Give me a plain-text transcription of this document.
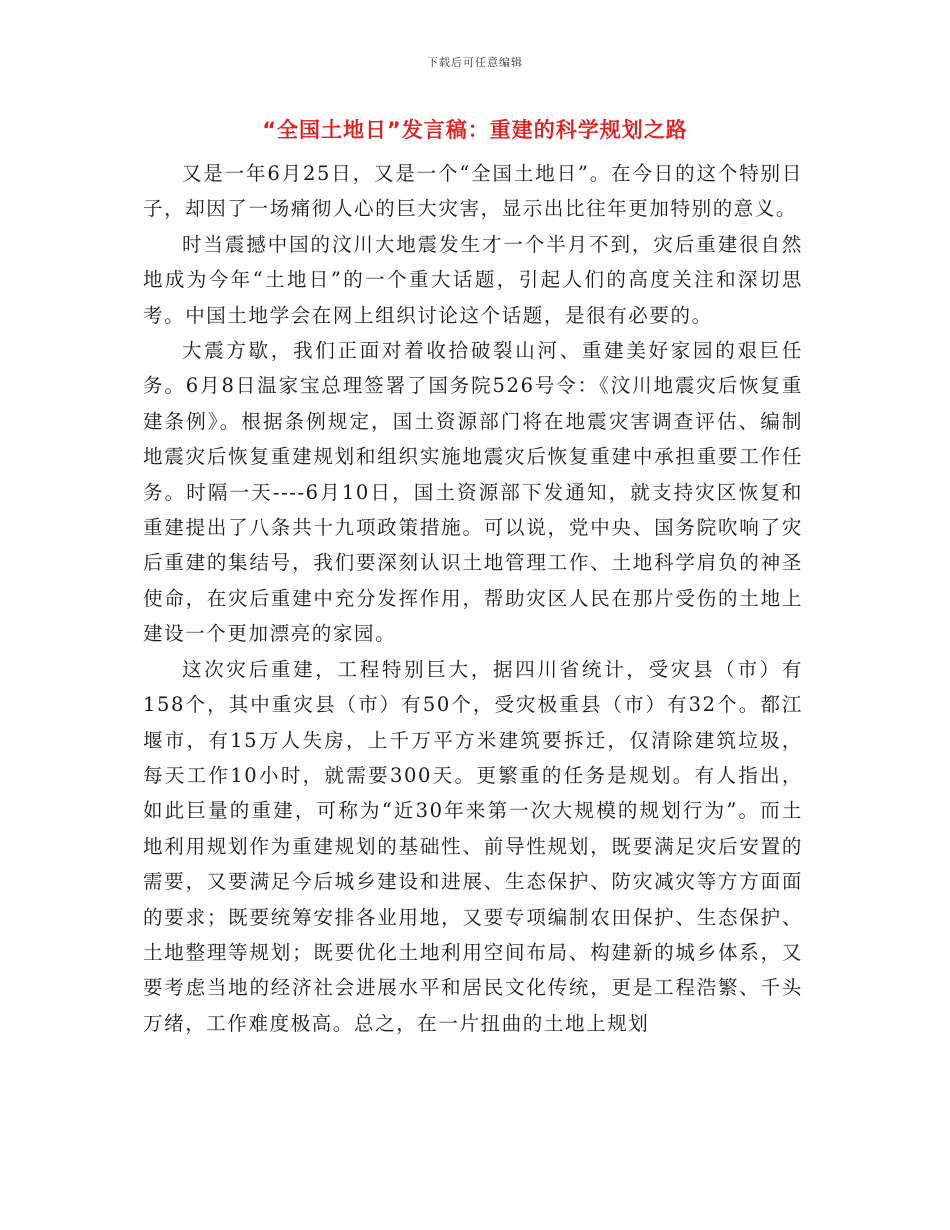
下载后可任意编辑
“全国土地日”发言稿：重建的科学规划之路

又是一年6月25日，又是一个“全国土地日”。在今日的这个特别日子，却因了一场痛彻人心的巨大灾害，显示出比往年更加特别的意义。

时当震撼中国的汶川大地震发生才一个半月不到，灾后重建很自然地成为今年“土地日”的一个重大话题，引起人们的高度关注和深切思考。中国土地学会在网上组织讨论这个话题，是很有必要的。

大震方歇，我们正面对着收拾破裂山河、重建美好家园的艰巨任务。6月8日温家宝总理签署了国务院526号令：《汶川地震灾后恢复重建条例》。根据条例规定，国土资源部门将在地震灾害调查评估、编制地震灾后恢复重建规划和组织实施地震灾后恢复重建中承担重要工作任务。时隔一天----6月10日，国土资源部下发通知，就支持灾区恢复和重建提出了八条共十九项政策措施。可以说，党中央、国务院吹响了灾后重建的集结号，我们要深刻认识土地管理工作、土地科学肩负的神圣使命，在灾后重建中充分发挥作用，帮助灾区人民在那片受伤的土地上建设一个更加漂亮的家园。

这次灾后重建，工程特别巨大，据四川省统计，受灾县（市）有158个，其中重灾县（市）有50个，受灾极重县（市）有32个。都江堰市，有15万人失房，上千万平方米建筑要拆迁，仅清除建筑垃圾，每天工作10小时，就需要300天。更繁重的任务是规划。有人指出，如此巨量的重建，可称为“近30年来第一次大规模的规划行为”。而土地利用规划作为重建规划的基础性、前导性规划，既要满足灾后安置的需要，又要满足今后城乡建设和进展、生态保护、防灾减灾等方方面面的要求；既要统筹安排各业用地，又要专项编制农田保护、生态保护、土地整理等规划；既要优化土地利用空间布局、构建新的城乡体系，又要考虑当地的经济社会进展水平和居民文化传统，更是工程浩繁、千头万绪，工作难度极高。总之，在一片扭曲的土地上规划
